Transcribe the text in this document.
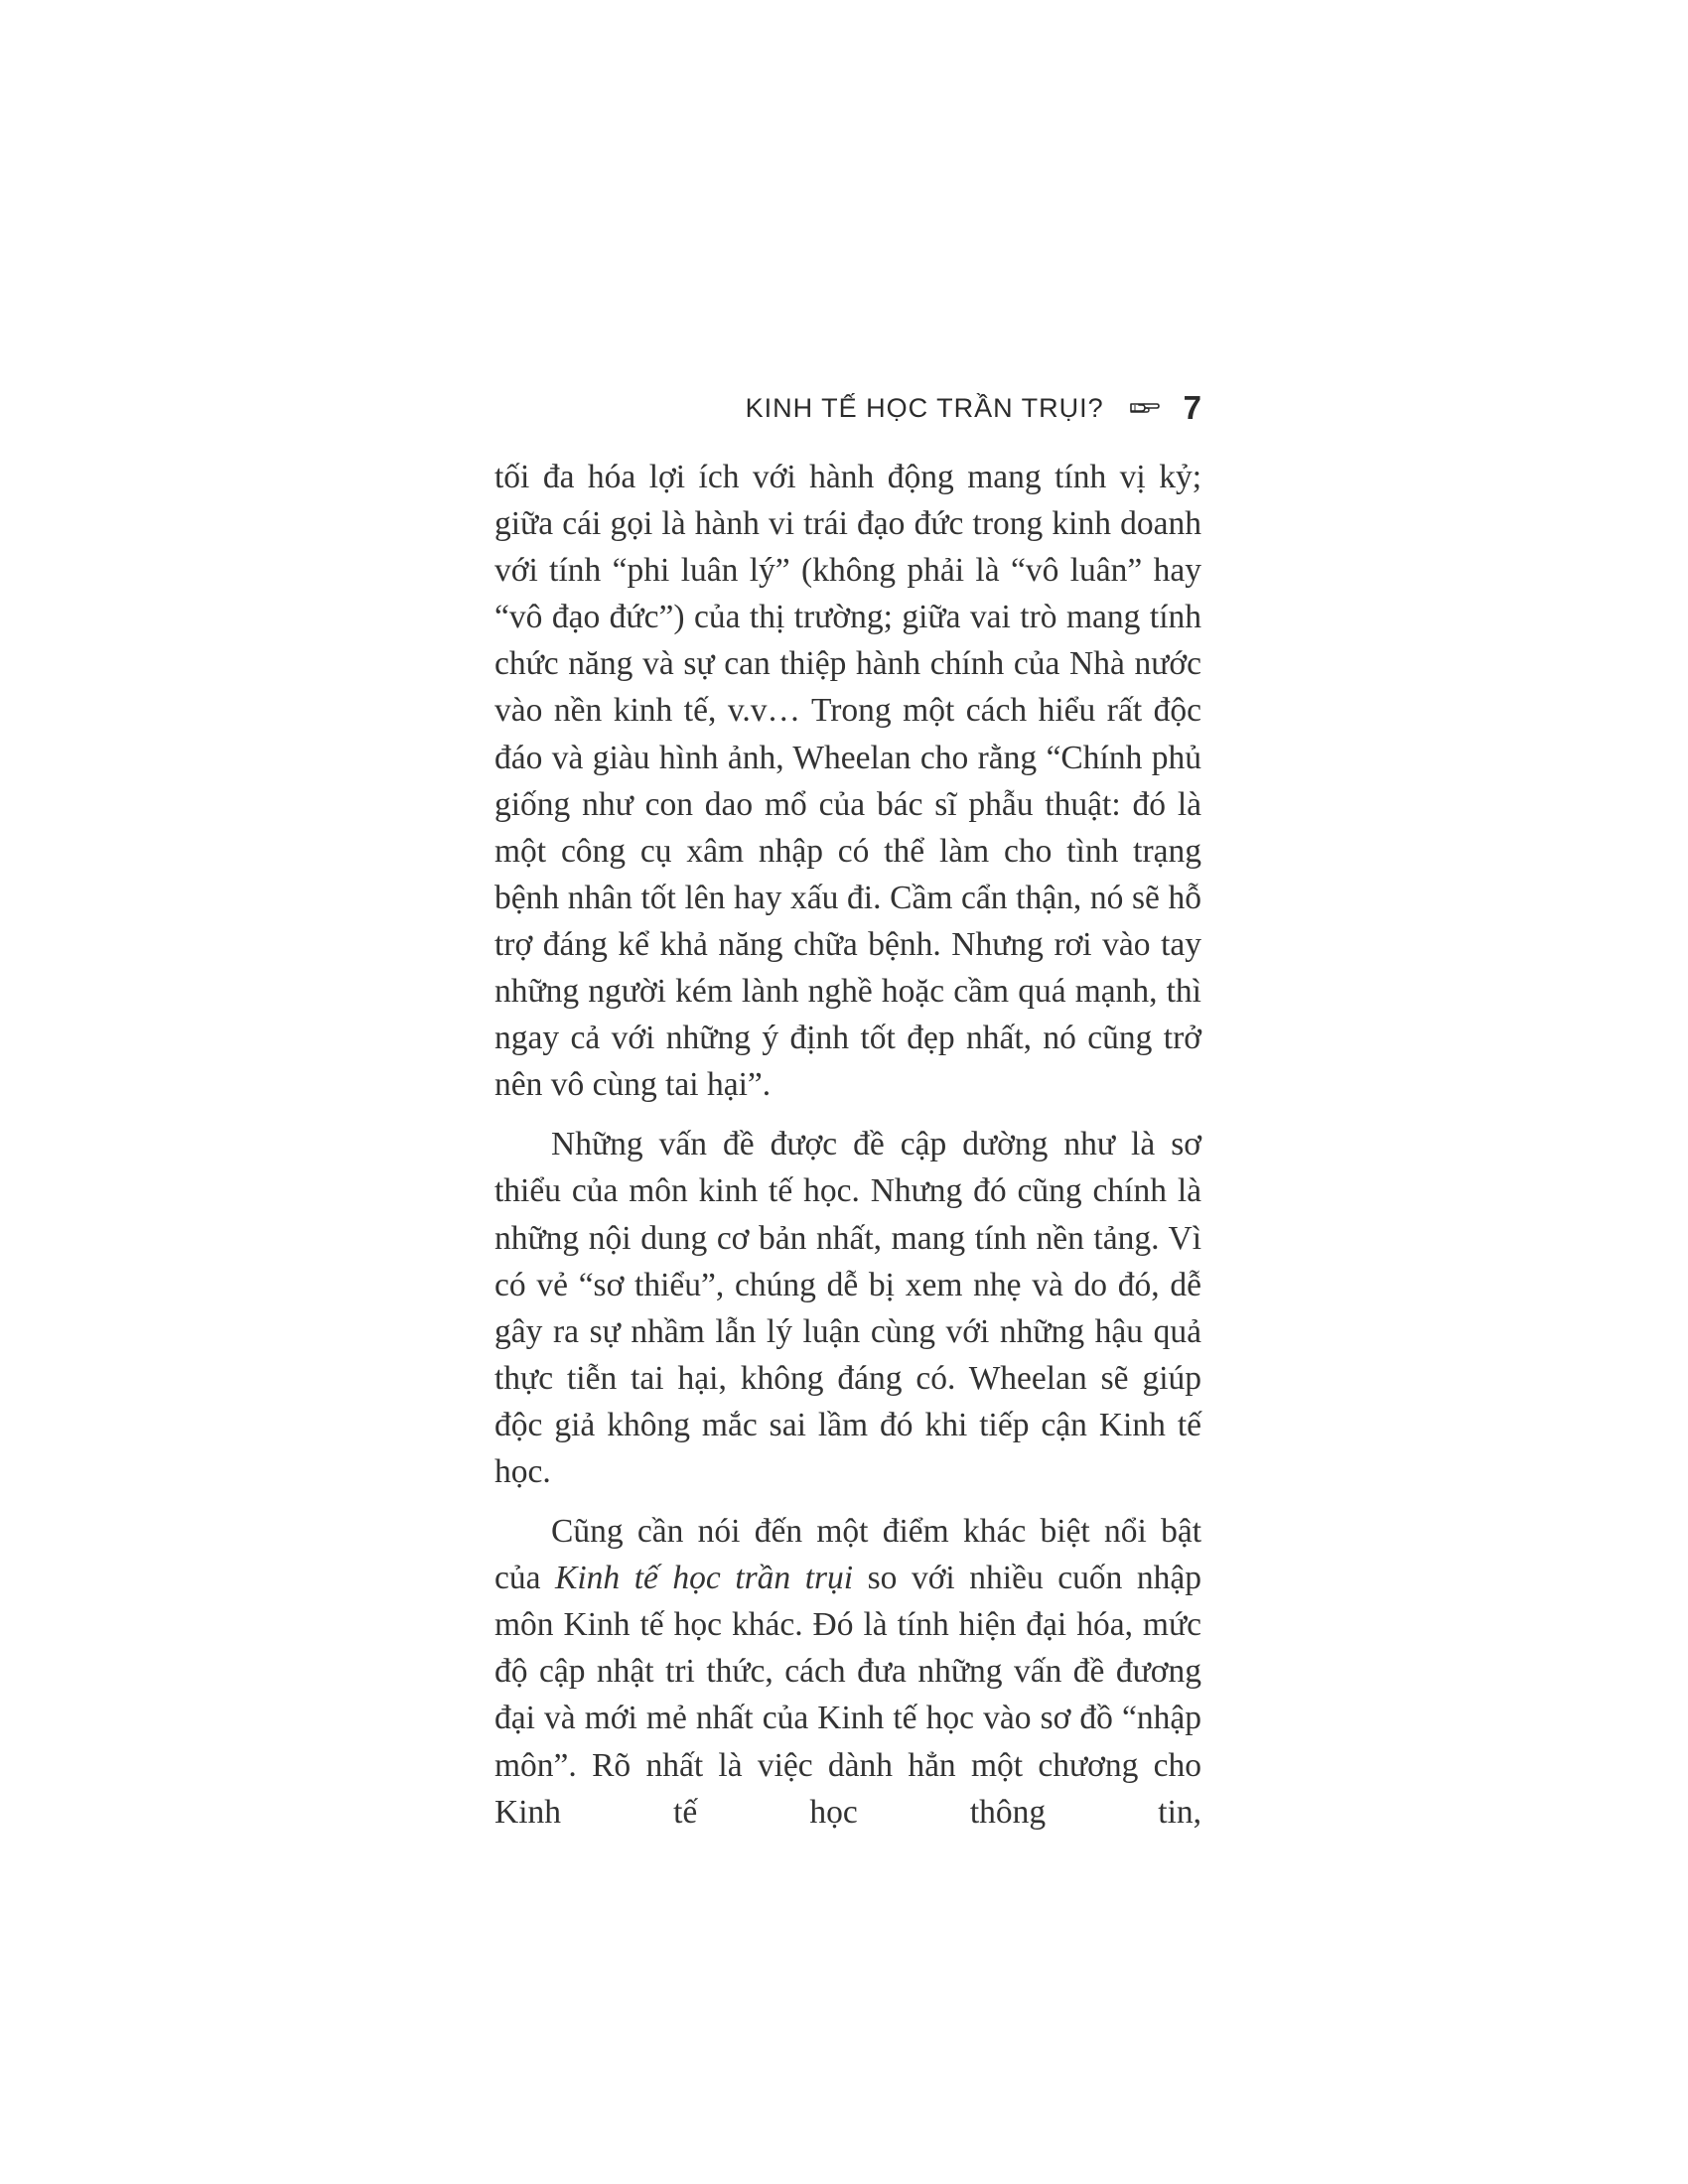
KINH TẾ HỌC TRẦN TRỤI? 7

tối đa hóa lợi ích với hành động mang tính vị kỷ; giữa cái gọi là hành vi trái đạo đức trong kinh doanh với tính “phi luân lý” (không phải là “vô luân” hay “vô đạo đức”) của thị trường; giữa vai trò mang tính chức năng và sự can thiệp hành chính của Nhà nước vào nền kinh tế, v.v… Trong một cách hiểu rất độc đáo và giàu hình ảnh, Wheelan cho rằng “Chính phủ giống như con dao mổ của bác sĩ phẫu thuật: đó là một công cụ xâm nhập có thể làm cho tình trạng bệnh nhân tốt lên hay xấu đi. Cầm cẩn thận, nó sẽ hỗ trợ đáng kể khả năng chữa bệnh. Nhưng rơi vào tay những người kém lành nghề hoặc cầm quá mạnh, thì ngay cả với những ý định tốt đẹp nhất, nó cũng trở nên vô cùng tai hại”.

Những vấn đề được đề cập dường như là sơ thiểu của môn kinh tế học. Nhưng đó cũng chính là những nội dung cơ bản nhất, mang tính nền tảng. Vì có vẻ “sơ thiểu”, chúng dễ bị xem nhẹ và do đó, dễ gây ra sự nhầm lẫn lý luận cùng với những hậu quả thực tiễn tai hại, không đáng có. Wheelan sẽ giúp độc giả không mắc sai lầm đó khi tiếp cận Kinh tế học.

Cũng cần nói đến một điểm khác biệt nổi bật của Kinh tế học trần trụi so với nhiều cuốn nhập môn Kinh tế học khác. Đó là tính hiện đại hóa, mức độ cập nhật tri thức, cách đưa những vấn đề đương đại và mới mẻ nhất của Kinh tế học vào sơ đồ “nhập môn”. Rõ nhất là việc dành hẳn một chương cho Kinh tế học thông tin,
